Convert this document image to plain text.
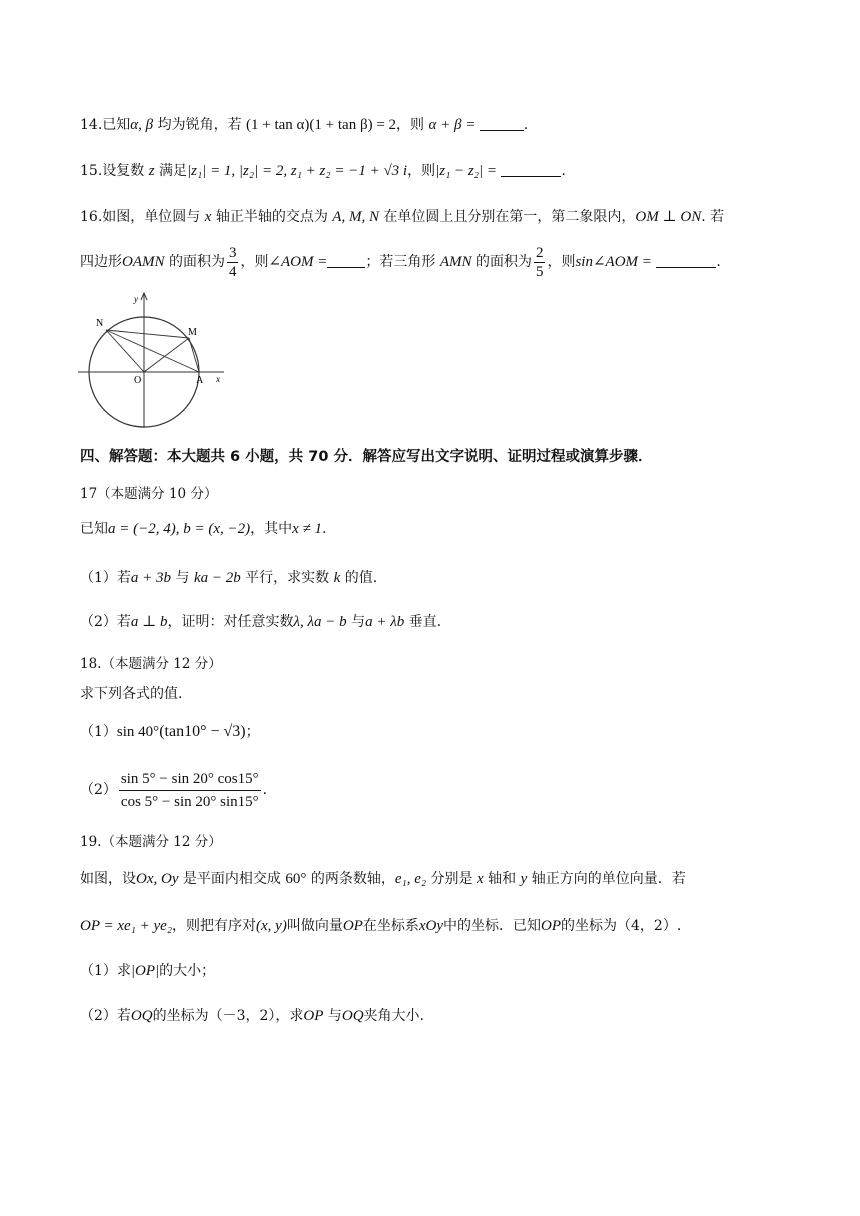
14.已知α, β 均为锐角，若 (1 + tan α)(1 + tan β) = 2，则 α + β =	.
15.设复数 z 满足|z₁| = 1, |z₂| = 2, z₁ + z₂ = −1 + √3 i，则|z₁ − z₂| =	.
16.如图，单位圆与 x 轴正半轴的交点为 A, M, N 在单位圆上且分别在第一，第二象限内，OM ⊥ ON. 若
四边形OAMN 的面积为 $\frac{3}{4}$ ，则∠AOM =	；若三角形 AMN 的面积为 $\frac{2}{5}$ ，则sin∠AOM =	.
y
x
N
M
O	A
四、解答题：本大题共 6 小题，共 70 分．解答应写出文字说明、证明过程或演算步骤．
17（本题满分 10 分）
已知a = (−2, 4), b = (x, −2)，其中x ≠ 1.
（1）若a + 3b 与 ka − 2b 平行，求实数 k 的值.
（2）若a ⊥ b，证明：对任意实数λ, λa − b 与a + λb 垂直.
18.（本题满分 12 分）
求下列各式的值.
（1）sin 40°(tan10° − √3)；
$(2) \frac{\sin 5^\circ - \sin 20^\circ \cos 15^\circ}{\cos 5^\circ - \sin 20^\circ \sin 15^\circ}$ .
19.（本题满分 12 分）
如图，设Ox, Oy 是平面内相交成 60° 的两条数轴，e₁, e₂ 分别是 x 轴和 y 轴正方向的单位向量．若
OP = xe₁ + ye₂，则把有序对(x, y)叫做向量OP在坐标系xOy中的坐标．已知OP的坐标为（4，2）.
（1）求|OP|的大小；
（2）若OQ的坐标为（－3，2），求OP 与OQ夹角大小.
